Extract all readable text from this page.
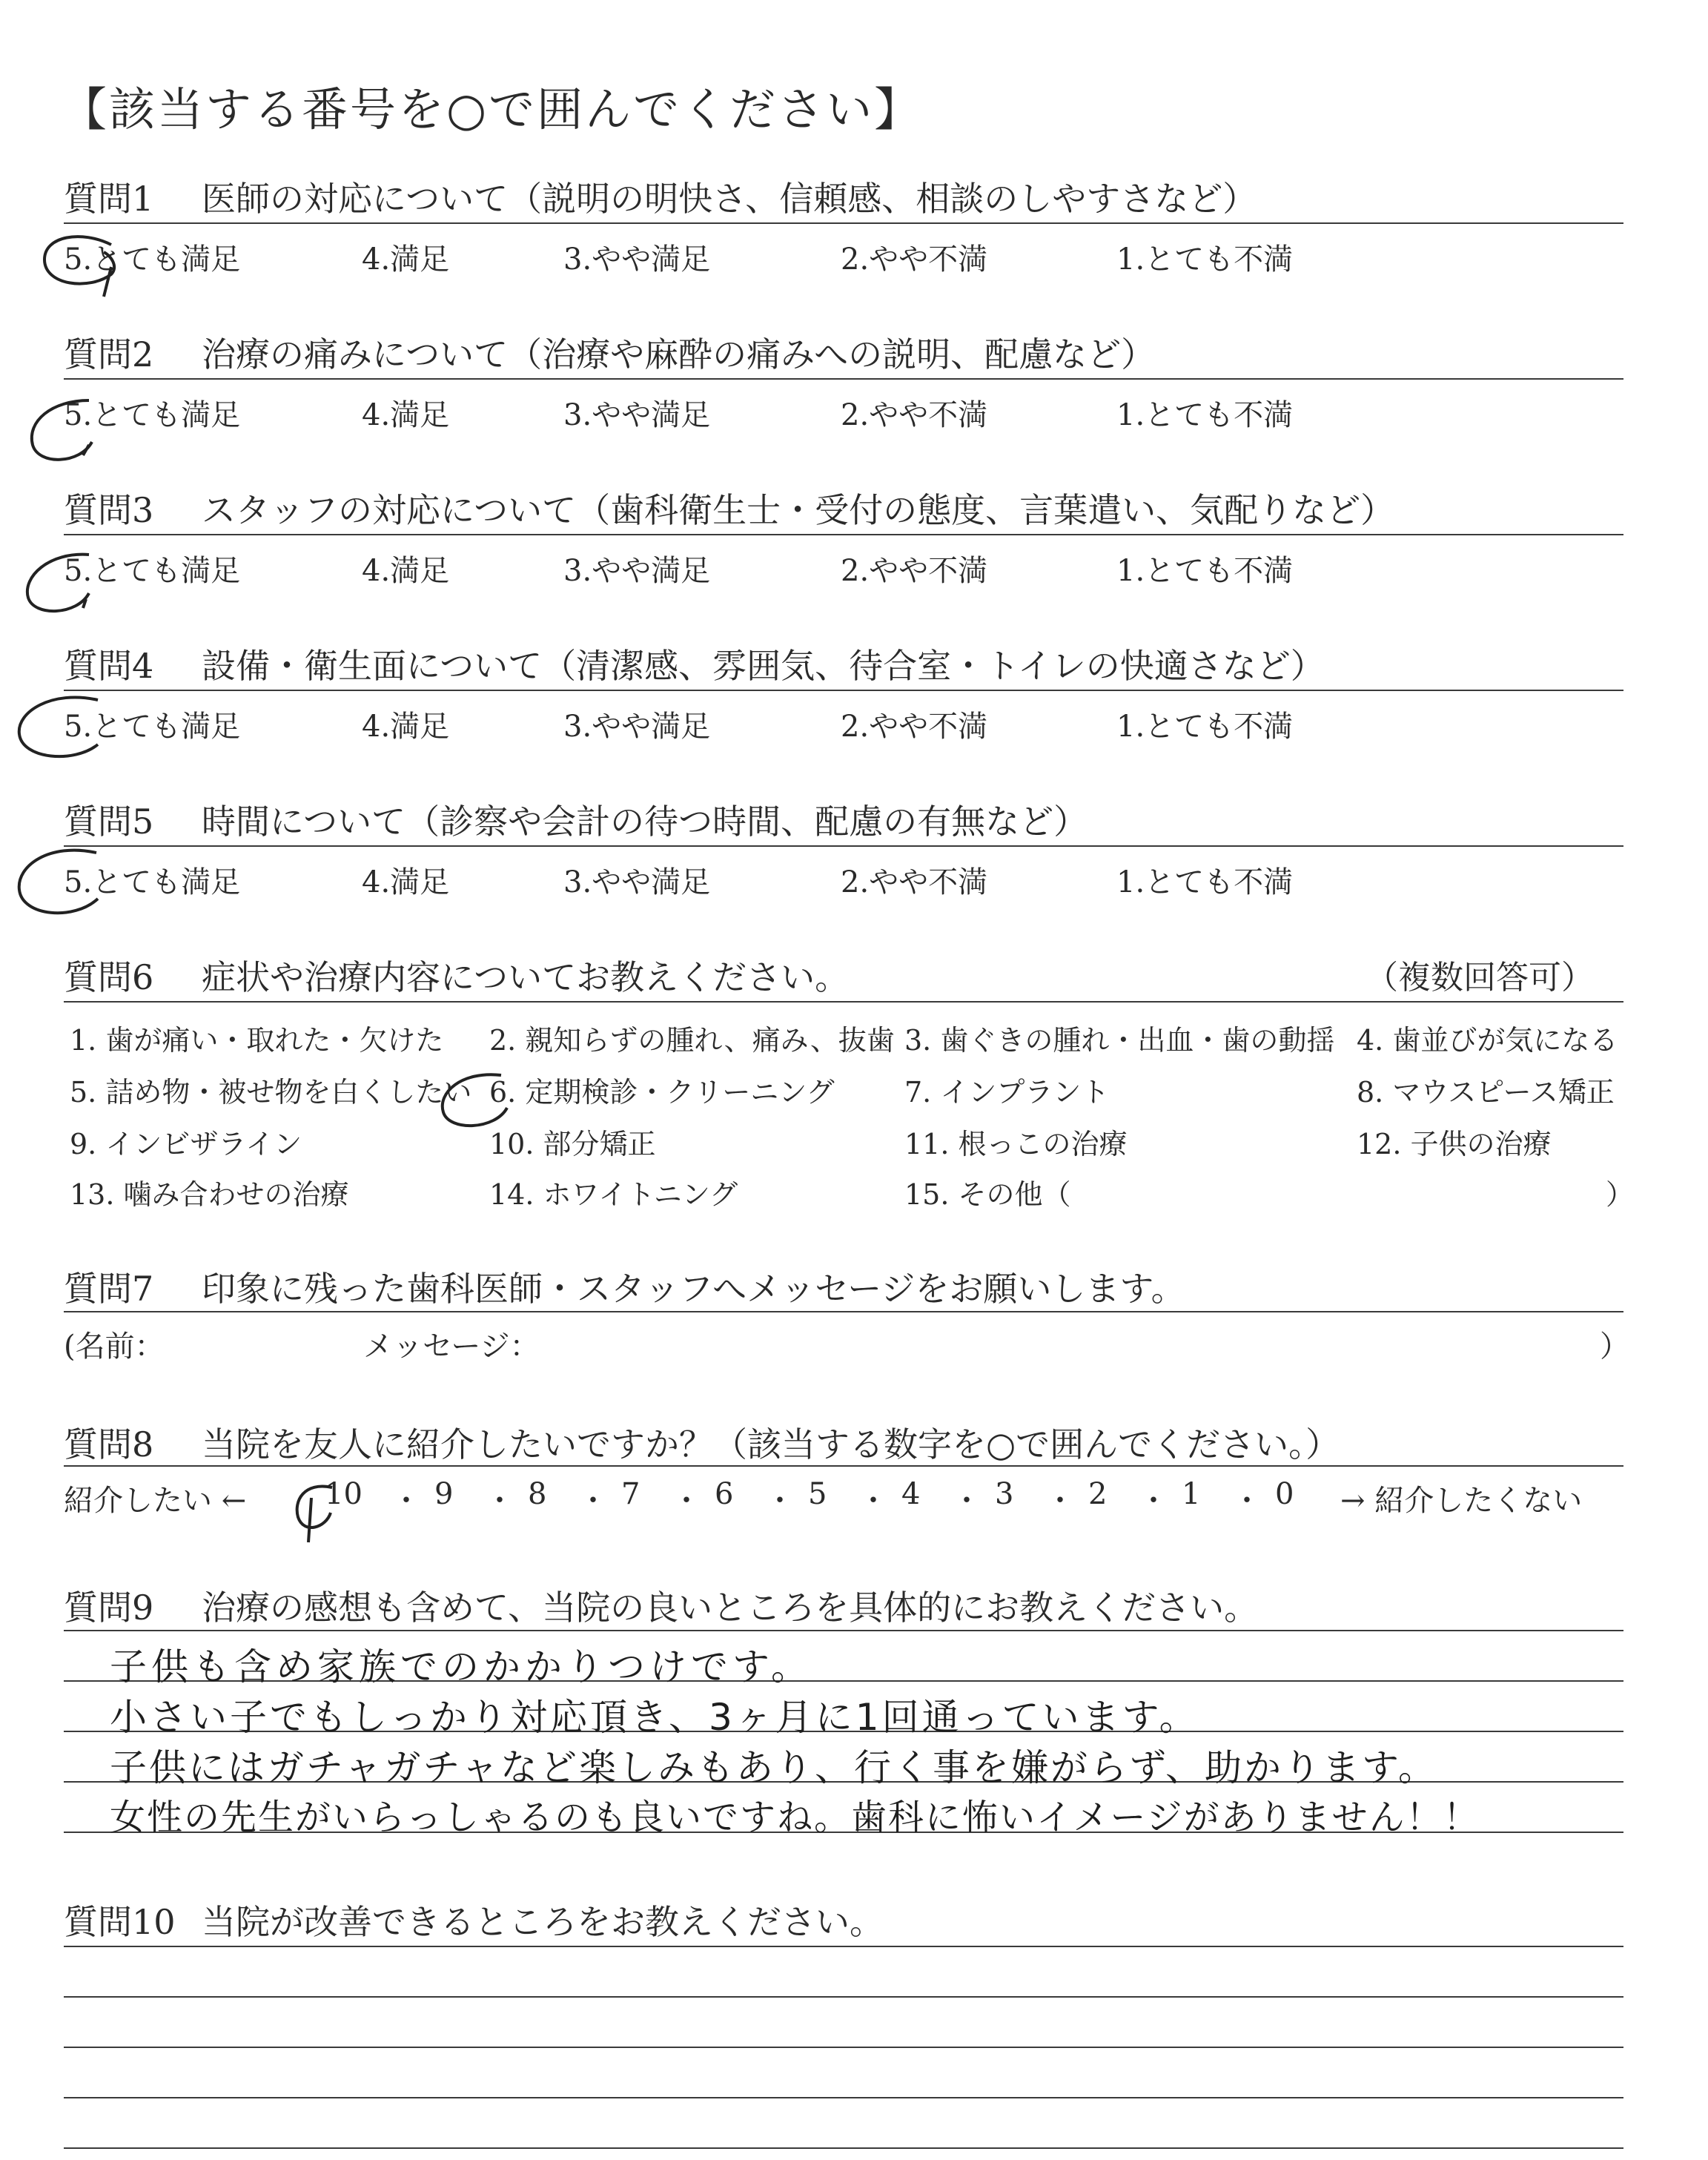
【該当する番号を○で囲んでください】
質問1 医師の対応について（説明の明快さ、信頼感、相談のしやすさなど）
5.とても満足	4.満足	3.やや満足	2.やや不満	1.とても不満
質問2 治療の痛みについて（治療や麻酔の痛みへの説明、配慮など）
5.とても満足	4.満足	3.やや満足	2.やや不満	1.とても不満
質問3 スタッフの対応について（歯科衛生士・受付の態度、言葉遣い、気配りなど）
5.とても満足	4.満足	3.やや満足	2.やや不満	1.とても不満
質問4 設備・衛生面について（清潔感、雰囲気、待合室・トイレの快適さなど）
5.とても満足	4.満足	3.やや満足	2.やや不満	1.とても不満
質問5 時間について（診察や会計の待つ時間、配慮の有無など）
5.とても満足	4.満足	3.やや満足	2.やや不満	1.とても不満
質問6 症状や治療内容についてお教えください。	（複数回答可）
1. 歯が痛い・取れた・欠けた 2. 親知らずの腫れ、痛み、抜歯 3. 歯ぐきの腫れ・出血・歯の動揺 4. 歯並びが気になる
5. 詰め物・被せ物を白くしたい 6. 定期検診・クリーニング 7. インプラント	8. マウスピース矯正
9. インビザライン	10. 部分矯正	11. 根っこの治療	12. 子供の治療
13. 噛み合わせの治療	14. ホワイトニング	15. その他（	）
質問7 印象に残った歯科医師・スタッフへメッセージをお願いします。
(名前：	メッセージ：	）
質問8 当院を友人に紹介したいですか？（該当する数字を○で囲んでください。）
紹介したい ←	10 ・ 9 ・ 8 ・ 7 ・ 6 ・ 5 ・ 4 ・ 3 ・ 2 ・ 1 ・ 0 → 紹介したくない
質問9 治療の感想も含めて、当院の良いところを具体的にお教えください。
子供も含め家族でのかかりつけです。
小さい子でもしっかり対応頂き、3ヶ月に1回通っています。
子供にはガチャガチャなど楽しみもあり、行く事を嫌がらず、助かります。
女性の先生がいらっしゃるのも良いですね。歯科に怖いイメージがありません！！
質問10 当院が改善できるところをお教えください。
